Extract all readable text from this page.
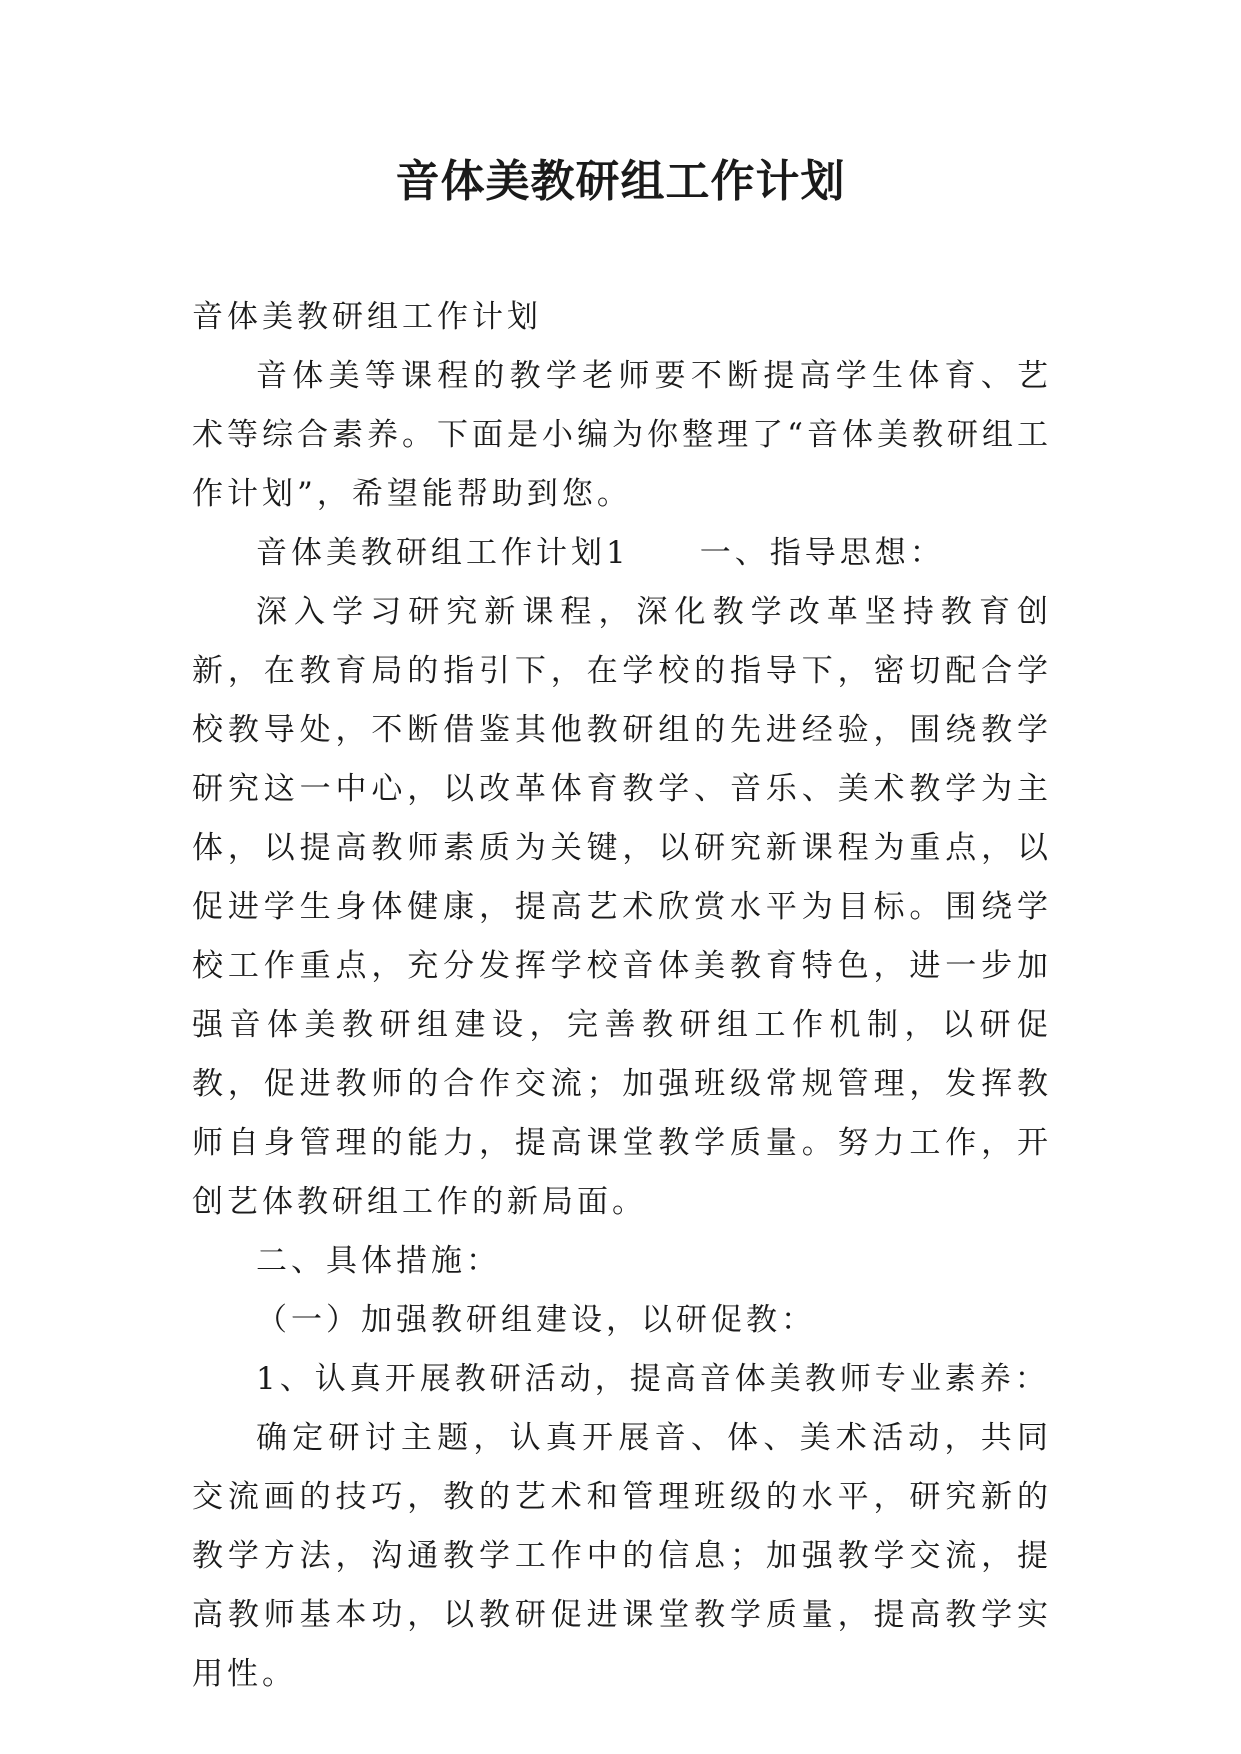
音体美教研组工作计划

音体美教研组工作计划

音体美等课程的教学老师要不断提高学生体育、艺术等综合素养。下面是小编为你整理了“音体美教研组工作计划”，希望能帮助到您。

音体美教研组工作计划1 一、指导思想：

深入学习研究新课程，深化教学改革坚持教育创新，在教育局的指引下，在学校的指导下，密切配合学校教导处，不断借鉴其他教研组的先进经验，围绕教学研究这一中心，以改革体育教学、音乐、美术教学为主体，以提高教师素质为关键，以研究新课程为重点，以促进学生身体健康，提高艺术欣赏水平为目标。围绕学校工作重点，充分发挥学校音体美教育特色，进一步加强音体美教研组建设，完善教研组工作机制，以研促教，促进教师的合作交流；加强班级常规管理，发挥教师自身管理的能力，提高课堂教学质量。努力工作，开创艺体教研组工作的新局面。

二、具体措施：

（一）加强教研组建设，以研促教：

1、认真开展教研活动，提高音体美教师专业素养：

确定研讨主题，认真开展音、体、美术活动，共同交流画的技巧，教的艺术和管理班级的水平，研究新的教学方法，沟通教学工作中的信息；加强教学交流，提高教师基本功，以教研促进课堂教学质量，提高教学实用性。
